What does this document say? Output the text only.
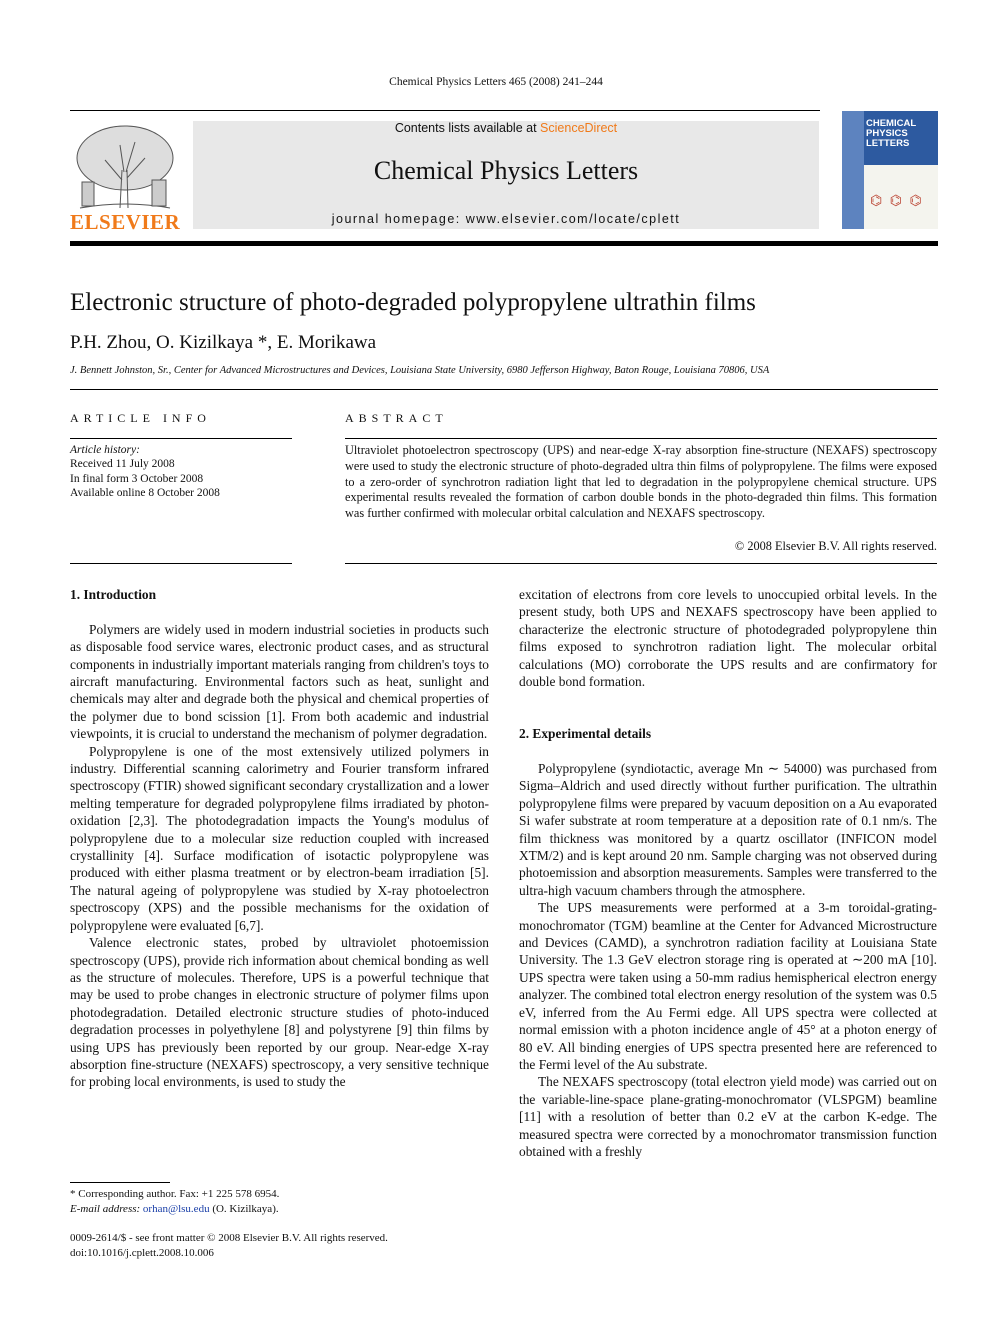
Chemical Physics Letters 465 (2008) 241–244
ELSEVIER
Contents lists available at ScienceDirect
Chemical Physics Letters
journal homepage: www.elsevier.com/locate/cplett
CHEMICAL PHYSICS LETTERS
⌬ ⌬ ⌬
Electronic structure of photo-degraded polypropylene ultrathin films
P.H. Zhou, O. Kizilkaya *, E. Morikawa
J. Bennett Johnston, Sr., Center for Advanced Microstructures and Devices, Louisiana State University, 6980 Jefferson Highway, Baton Rouge, Louisiana 70806, USA
ARTICLE INFO	ABSTRACT
Article history:
Received 11 July 2008
In final form 3 October 2008
Available online 8 October 2008
Ultraviolet photoelectron spectroscopy (UPS) and near-edge X-ray absorption fine-structure (NEXAFS) spectroscopy were used to study the electronic structure of photo-degraded ultra thin films of polypropylene. The films were exposed to a zero-order of synchrotron radiation light that led to degradation in the polypropylene chemical structure. UPS experimental results revealed the formation of carbon double bonds in the photo-degraded thin films. This formation was further confirmed with molecular orbital calculation and NEXAFS spectroscopy.
© 2008 Elsevier B.V. All rights reserved.
1. Introduction

Polymers are widely used in modern industrial societies in products such as disposable food service wares, electronic product cases, and as structural components in industrially important materials ranging from children's toys to aircraft manufacturing. Environmental factors such as heat, sunlight and chemicals may alter and degrade both the physical and chemical properties of the polymer due to bond scission [1]. From both academic and industrial viewpoints, it is crucial to understand the mechanism of polymer degradation.

Polypropylene is one of the most extensively utilized polymers in industry. Differential scanning calorimetry and Fourier transform infrared spectroscopy (FTIR) showed significant secondary crystallization and a lower melting temperature for degraded polypropylene films irradiated by photon-oxidation [2,3]. The photodegradation impacts the Young's modulus of polypropylene due to a molecular size reduction coupled with increased crystallinity [4]. Surface modification of isotactic polypropylene was produced with either plasma treatment or by electron-beam irradiation [5]. The natural ageing of polypropylene was studied by X-ray photoelectron spectroscopy (XPS) and the possible mechanisms for the oxidation of polypropylene were evaluated [6,7].

Valence electronic states, probed by ultraviolet photoemission spectroscopy (UPS), provide rich information about chemical bonding as well as the structure of molecules. Therefore, UPS is a powerful technique that may be used to probe changes in electronic structure of polymer films upon photodegradation. Detailed electronic structure studies of photo-induced degradation processes in polyethylene [8] and polystyrene [9] thin films by using UPS has previously been reported by our group. Near-edge X-ray absorption fine-structure (NEXAFS) spectroscopy, a very sensitive technique for probing local environments, is used to study the

excitation of electrons from core levels to unoccupied orbital levels. In the present study, both UPS and NEXAFS spectroscopy have been applied to characterize the electronic structure of photodegraded polypropylene thin films exposed to synchrotron radiation light. The molecular orbital calculations (MO) corroborate the UPS results and are confirmatory for double bond formation.

2. Experimental details

Polypropylene (syndiotactic, average Mn ∼ 54000) was purchased from Sigma–Aldrich and used directly without further purification. The ultrathin polypropylene films were prepared by vacuum deposition on a Au evaporated Si wafer substrate at room temperature at a deposition rate of 0.1 nm/s. The film thickness was monitored by a quartz oscillator (INFICON model XTM/2) and is kept around 20 nm. Sample charging was not observed during photoemission and absorption measurements. Samples were transferred to the ultra-high vacuum chambers through the atmosphere.

The UPS measurements were performed at a 3-m toroidal-grating-monochromator (TGM) beamline at the Center for Advanced Microstructure and Devices (CAMD), a synchrotron radiation facility at Louisiana State University. The 1.3 GeV electron storage ring is operated at ∼200 mA [10]. UPS spectra were taken using a 50-mm radius hemispherical electron energy analyzer. The combined total electron energy resolution of the system was 0.5 eV, inferred from the Au Fermi edge. All UPS spectra were collected at normal emission with a photon incidence angle of 45° at a photon energy of 80 eV. All binding energies of UPS spectra presented here are referenced to the Fermi level of the Au substrate.

The NEXAFS spectroscopy (total electron yield mode) was carried out on the variable-line-space plane-grating-monochromator (VLSPGM) beamline [11] with a resolution of better than 0.2 eV at the carbon K-edge. The measured spectra were corrected by a monochromator transmission function obtained with a freshly

* Corresponding author. Fax: +1 225 578 6954.
E-mail address: orhan@lsu.edu (O. Kizilkaya).
0009-2614/$ - see front matter © 2008 Elsevier B.V. All rights reserved.
doi:10.1016/j.cplett.2008.10.006
